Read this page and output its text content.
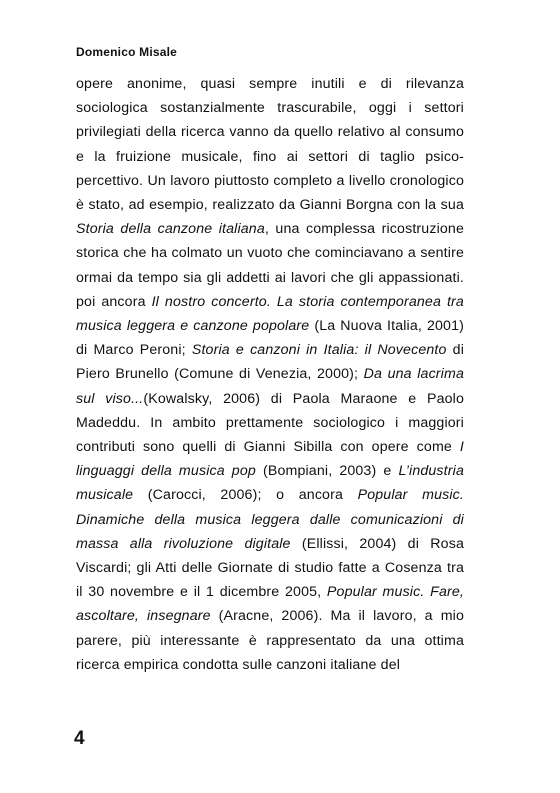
Domenico Misale

opere anonime, quasi sempre inutili e di rilevanza sociologica sostanzialmente trascurabile, oggi i settori privilegiati della ricerca vanno da quello relativo al consumo e la fruizione musicale, fino ai settori di taglio psico-percettivo. Un lavoro piuttosto completo a livello cronologico è stato, ad esempio, realizzato da Gianni Borgna con la sua Storia della canzone italiana, una complessa ricostruzione storica che ha colmato un vuoto che cominciavano a sentire ormai da tempo sia gli addetti ai lavori che gli appassionati. poi ancora Il nostro concerto. La storia contemporanea tra musica leggera e canzone popolare (La Nuova Italia, 2001) di Marco Peroni; Storia e canzoni in Italia: il Novecento di Piero Brunello (Comune di Venezia, 2000); Da una lacrima sul viso...(Kowalsky, 2006) di Paola Maraone e Paolo Madeddu. In ambito prettamente sociologico i maggiori contributi sono quelli di Gianni Sibilla con opere come I linguaggi della musica pop (Bompiani, 2003) e L’industria musicale (Carocci, 2006); o ancora Popular music. Dinamiche della musica leggera dalle comunicazioni di massa alla rivoluzione digitale (Ellissi, 2004) di Rosa Viscardi; gli Atti delle Giornate di studio fatte a Cosenza tra il 30 novembre e il 1 dicembre 2005, Popular music. Fare, ascoltare, insegnare (Aracne, 2006). Ma il lavoro, a mio parere, più interessante è rappresentato da una ottima ricerca empirica condotta sulle canzoni italiane del

4
